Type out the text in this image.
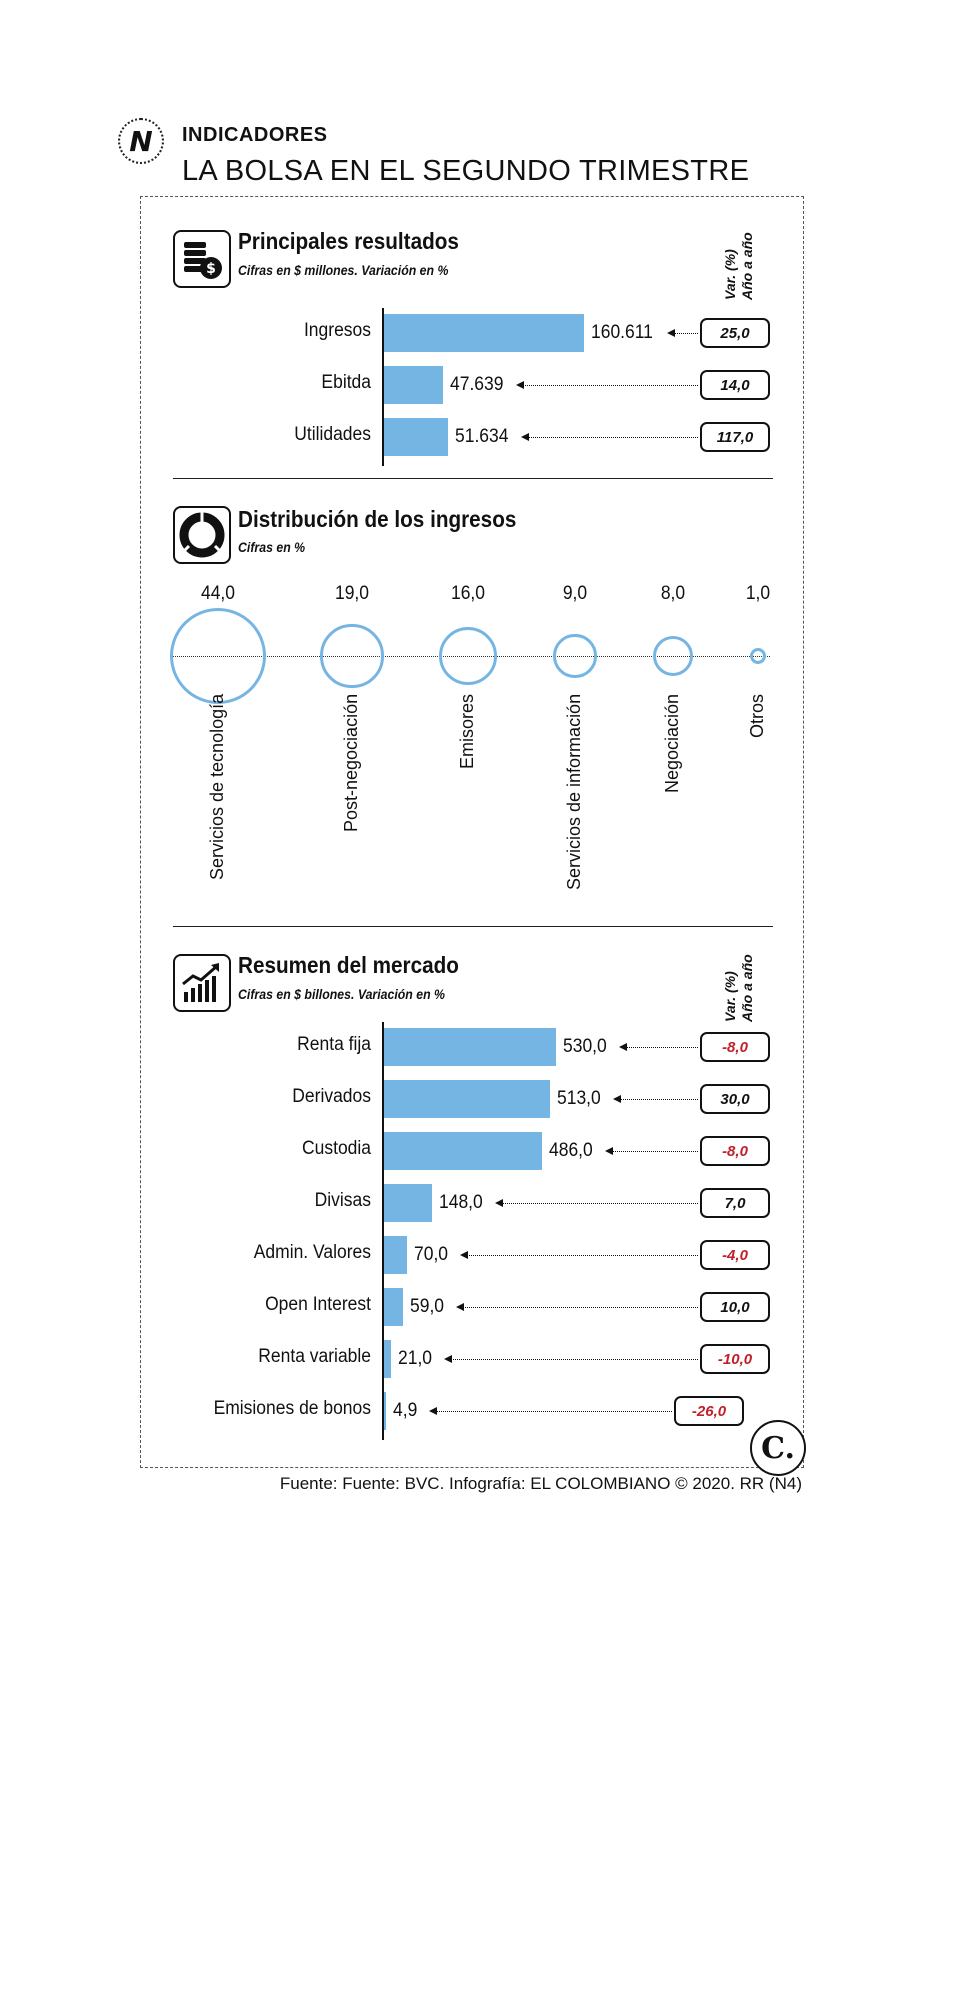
N INDICADORES
LA BOLSA EN EL SEGUNDO TRIMESTRE
$
Principales resultados
Cifras en $ millones. Variación en %	Var. (%) Año a año
Distribución de los ingresos
Cifras en %
Resumen del mercado
Cifras en $ billones. Variación en %	Var. (%) Año a año
C.
Fuente: Fuente: BVC. Infografía: EL COLOMBIANO © 2020. RR (N4)
Ingresos	160.611	25,0
Ebitda	47.639	14,0
Utilidades	51.634	117,0
Renta fija	530,0	-8,0
Derivados	513,0	30,0
Custodia	486,0	-8,0
Divisas	148,0	7,0
Admin. Valores 70,0	-4,0
Open Interest 59,0	10,0
Renta variable 21,0	-10,0
Emisiones de bonos 4,9	-26,0
44,0
Servicios de tecnología
19,0
Post-negociación
16,0
Emisores
9,0
Servicios de información
8,0
Negociación
1,0
Otros
